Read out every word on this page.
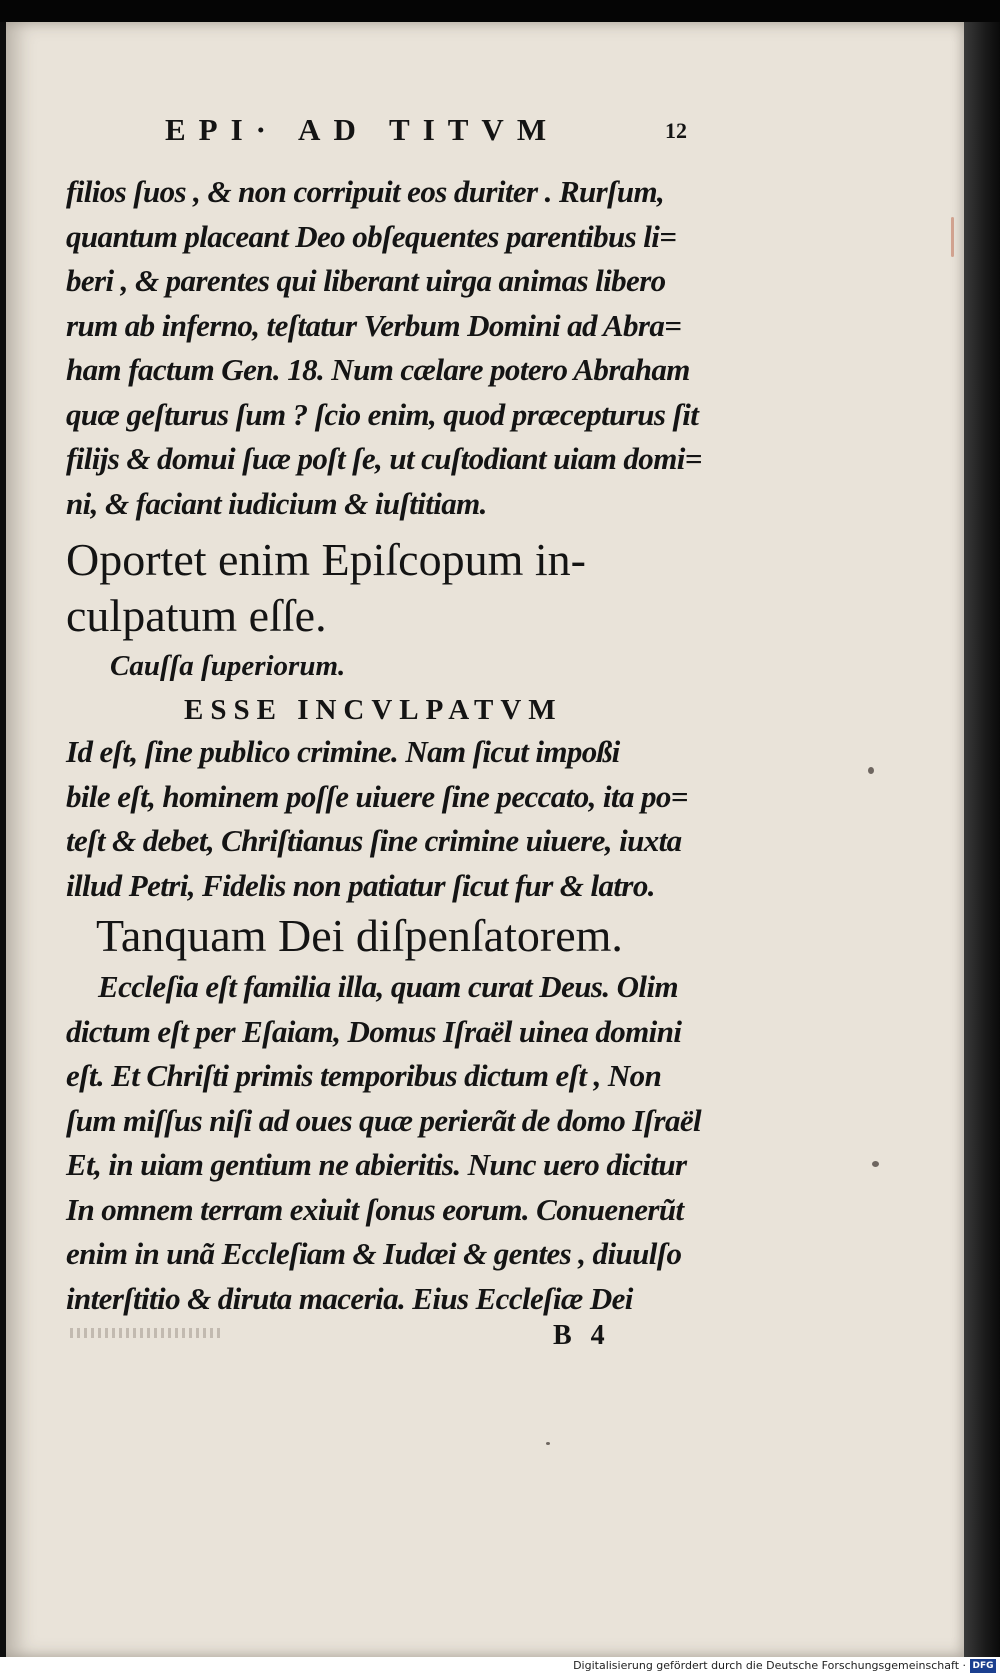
EPI· AD TITVM	12
filios ſuos , & non corripuit eos duriter . Rurſum,
quantum placeant Deo obſequentes parentibus li=
beri , & parentes qui liberant uirga animas libero
rum ab inferno, teſtatur Verbum Domini ad Abra=
ham factum Gen. 18. Num cælare potero Abraham
quæ geſturus ſum ? ſcio enim, quod præcepturus ſit
filijs & domui ſuæ poſt ſe, ut cuſtodiant uiam domi=
ni, & faciant iudicium & iuſtitiam.
Oportet enim Epiſcopum in-
culpatum eſſe.
Cauſſa ſuperiorum.
ESSE INCVLPATVM
Id eſt, ſine publico crimine. Nam ſicut impoßi
bile eſt, hominem poſſe uiuere ſine peccato, ita po=
teſt & debet, Chriſtianus ſine crimine uiuere, iuxta
illud Petri, Fidelis non patiatur ſicut fur & latro.
Tanquam Dei diſpenſatorem.
Eccleſia eſt familia illa, quam curat Deus. Olim
dictum eſt per Eſaiam, Domus Iſraël uinea domini
eſt. Et Chriſti primis temporibus dictum eſt , Non
ſum miſſus niſi ad oues quæ perierãt de domo Iſraël
Et, in uiam gentium ne abieritis. Nunc uero dicitur
In omnem terram exiuit ſonus eorum. Conuenerũt
enim in unã Eccleſiam & Iudæi & gentes , diuulſo
interſtitio & diruta maceria. Eius Eccleſiæ Dei
B 4
Digitalisierung gefördert durch die Deutsche Forschungsgemeinschaft · DFG
